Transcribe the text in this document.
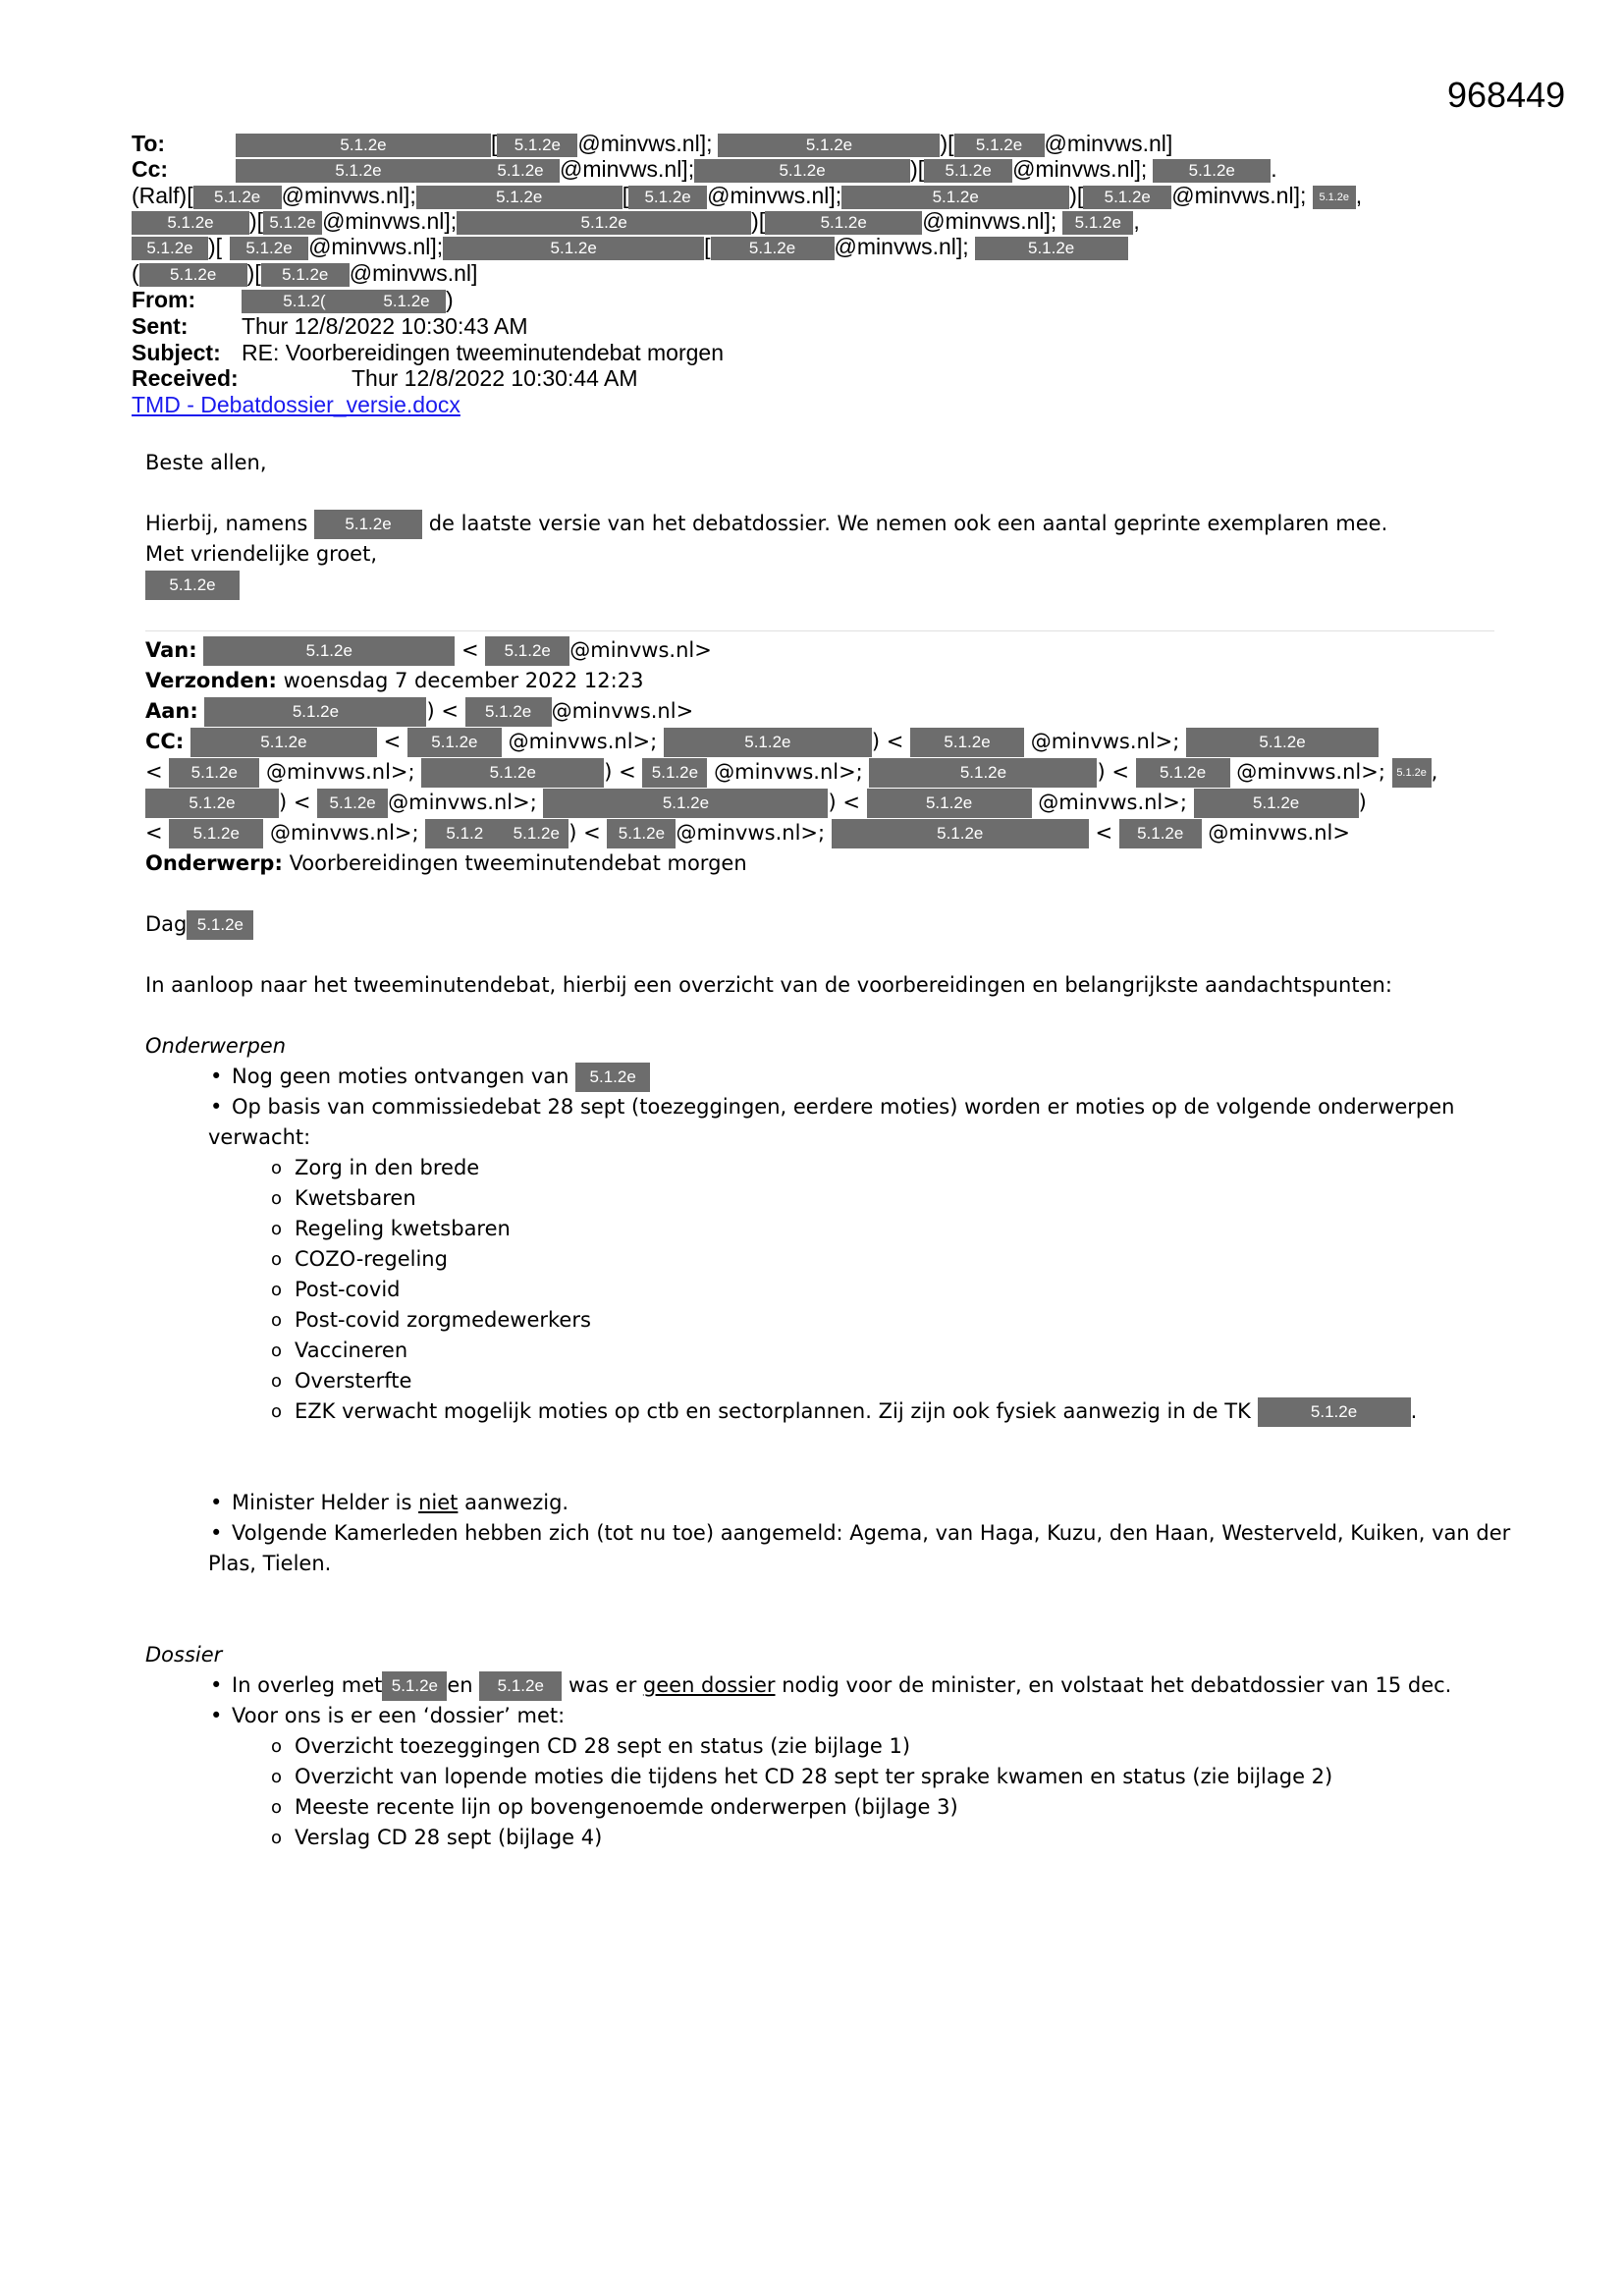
968449
To:	5.1.2e	[ 5.1.2e @minvws.nl];	5.1.2e	)[ 5.1.2e @minvws.nl]
Cc:	5.1.2e	5.1.2e @minvws.nl];	5.1.2e	)[ 5.1.2e @minvws.nl]; 5.1.2e .
(Ralf)[ 5.1.2e @minvws.nl];	5.1.2e	[ 5.1.2e @minvws.nl];	5.1.2e	)[ 5.1.2e @minvws.nl]; 5.1.2e ,
5.1.2e )[ 5.1.2e @minvws.nl];	5.1.2e	)[	5.1.2e @minvws.nl]; 5.1.2e ,
5.1.2e )[ 5.1.2e @minvws.nl];	5.1.2e	[ 5.1.2e @minvws.nl];	5.1.2e
( 5.1.2e )[ 5.1.2e @minvws.nl]
From:	5.1.2(	5.1.2e )
Sent: Thur 12/8/2022 10:30:43 AM
Subject: RE: Voorbereidingen tweeminutendebat morgen
Received:	Thur 12/8/2022 10:30:44 AM
TMD - Debatdossier_versie.docx
Beste allen,
Hierbij, namens 5.1.2e de laatste versie van het debatdossier. We nemen ook een aantal geprinte exemplaren mee.
Met vriendelijke groet,
5.1.2e
Van:	5.1.2e	< 5.1.2e @minvws.nl>
Verzonden: woensdag 7 december 2022 12:23
Aan:	5.1.2e	) < 5.1.2e @minvws.nl>
CC:	5.1.2e	< 5.1.2e @minvws.nl>;	5.1.2e	) < 5.1.2e @minvws.nl>;	5.1.2e
< 5.1.2e @minvws.nl>;	5.1.2e	) < 5.1.2e @minvws.nl>;	5.1.2e	) < 5.1.2e @minvws.nl>; 5.1.2e ,
5.1.2e ) < 5.1.2e @minvws.nl>;	5.1.2e	) <	5.1.2e	@minvws.nl>;	5.1.2e	)
< 5.1.2e @minvws.nl>; 5.1.2 5.1.2e ) < 5.1.2e @minvws.nl>;	5.1.2e	< 5.1.2e @minvws.nl>
Onderwerp: Voorbereidingen tweeminutendebat morgen
Dag 5.1.2e
In aanloop naar het tweeminutendebat, hierbij een overzicht van de voorbereidingen en belangrijkste aandachtspunten:
Onderwerpen
• Nog geen moties ontvangen van 5.1.2e
• Op basis van commissiedebat 28 sept (toezeggingen, eerdere moties) worden er moties op de volgende onderwerpen
verwacht:
o Zorg in den brede
o Kwetsbaren
o Regeling kwetsbaren
o COZO-regeling
o Post-covid
o Post-covid zorgmedewerkers
o Vaccineren
o Oversterfte
o EZK verwacht mogelijk moties op ctb en sectorplannen. Zij zijn ook fysiek aanwezig in de TK	5.1.2e	.
• Minister Helder is niet aanwezig.
• Volgende Kamerleden hebben zich (tot nu toe) aangemeld: Agema, van Haga, Kuzu, den Haan, Westerveld, Kuiken, van der
Plas, Tielen.
Dossier
• In overleg met 5.1.2e en 5.1.2e was er geen dossier nodig voor de minister, en volstaat het debatdossier van 15 dec.
• Voor ons is er een ‘dossier’ met:
o Overzicht toezeggingen CD 28 sept en status (zie bijlage 1)
o Overzicht van lopende moties die tijdens het CD 28 sept ter sprake kwamen en status (zie bijlage 2)
o Meeste recente lijn op bovengenoemde onderwerpen (bijlage 3)
o Verslag CD 28 sept (bijlage 4)
